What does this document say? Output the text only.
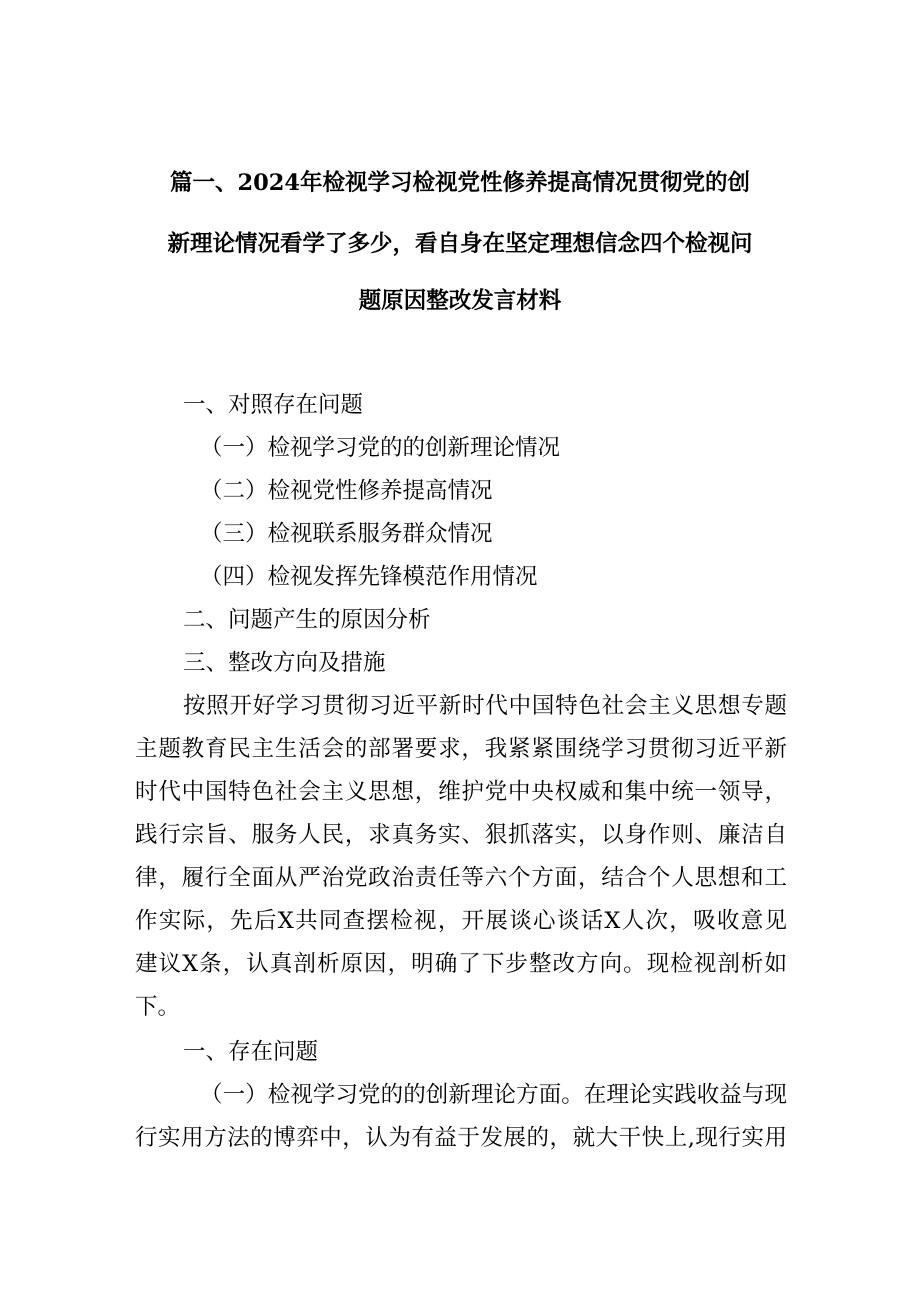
篇一、2024年检视学习检视党性修养提高情况贯彻党的创
新理论情况看学了多少，看自身在坚定理想信念四个检视问
题原因整改发言材料
一、对照存在问题
（一）检视学习党的的创新理论情况
（二）检视党性修养提高情况
（三）检视联系服务群众情况
（四）检视发挥先锋模范作用情况
二、问题产生的原因分析
三、整改方向及措施
按照开好学习贯彻习近平新时代中国特色社会主义思想专题
主题教育民主生活会的部署要求，我紧紧围绕学习贯彻习近平新
时代中国特色社会主义思想，维护党中央权威和集中统一领导，
践行宗旨、服务人民，求真务实、狠抓落实，以身作则、廉洁自
律，履行全面从严治党政治责任等六个方面，结合个人思想和工
作实际，先后X共同查摆检视，开展谈心谈话X人次，吸收意见
建议X条，认真剖析原因，明确了下步整改方向。现检视剖析如
下。
一、存在问题
（一）检视学习党的的创新理论方面。在理论实践收益与现
行实用方法的博弈中，认为有益于发展的，就大干快上,现行实用
